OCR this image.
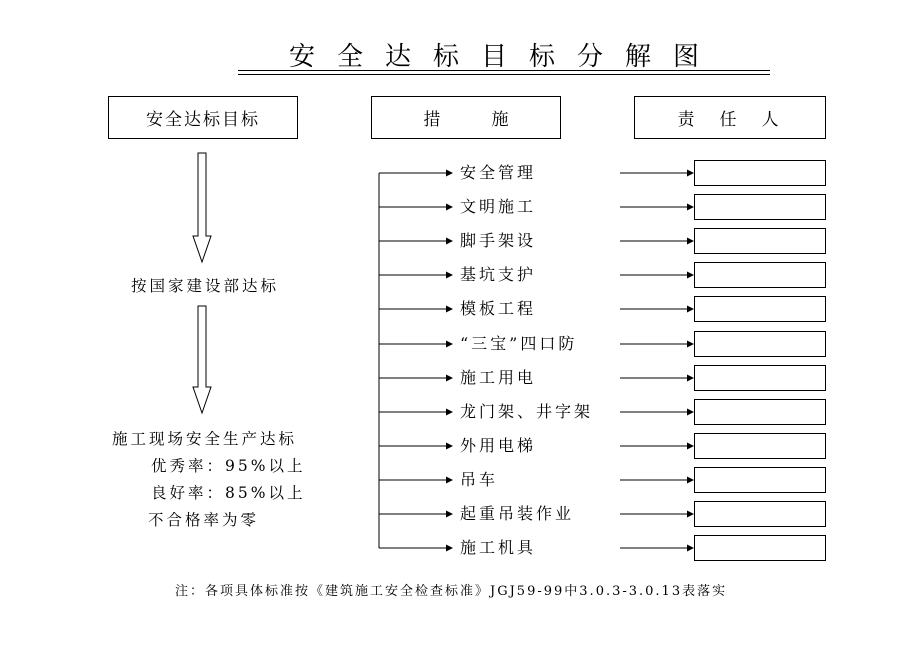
安全达标目标分解图
安全达标目标	措　　　施	责　任　人
按国家建设部达标
施工现场安全生产达标
优秀率：95%以上
良好率：85%以上
不合格率为零
安全管理
文明施工
脚手架设
基坑支护
模板工程
“三宝”四口防
施工用电
龙门架、井字架
外用电梯
吊车
起重吊装作业
施工机具
注：各项具体标准按《建筑施工安全检查标准》JGJ59-99中3.0.3-3.0.13表落实
